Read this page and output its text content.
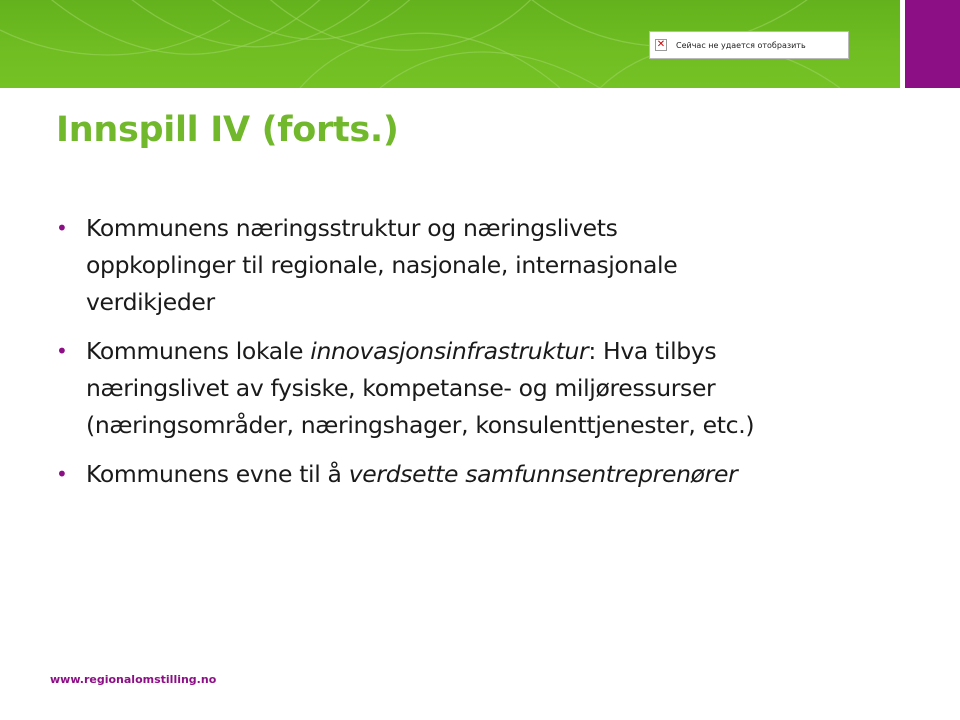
✕ Сейчас не удается отобразить
Innspill IV (forts.)
• Kommunens næringsstruktur og næringslivets
oppkoplinger til regionale, nasjonale, internasjonale
verdikjeder
• Kommunens lokale innovasjonsinfrastruktur: Hva tilbys
næringslivet av fysiske, kompetanse- og miljøressurser
(næringsområder, næringshager, konsulenttjenester, etc.)
• Kommunens evne til å verdsette samfunnsentreprenører
www.regionalomstilling.no
